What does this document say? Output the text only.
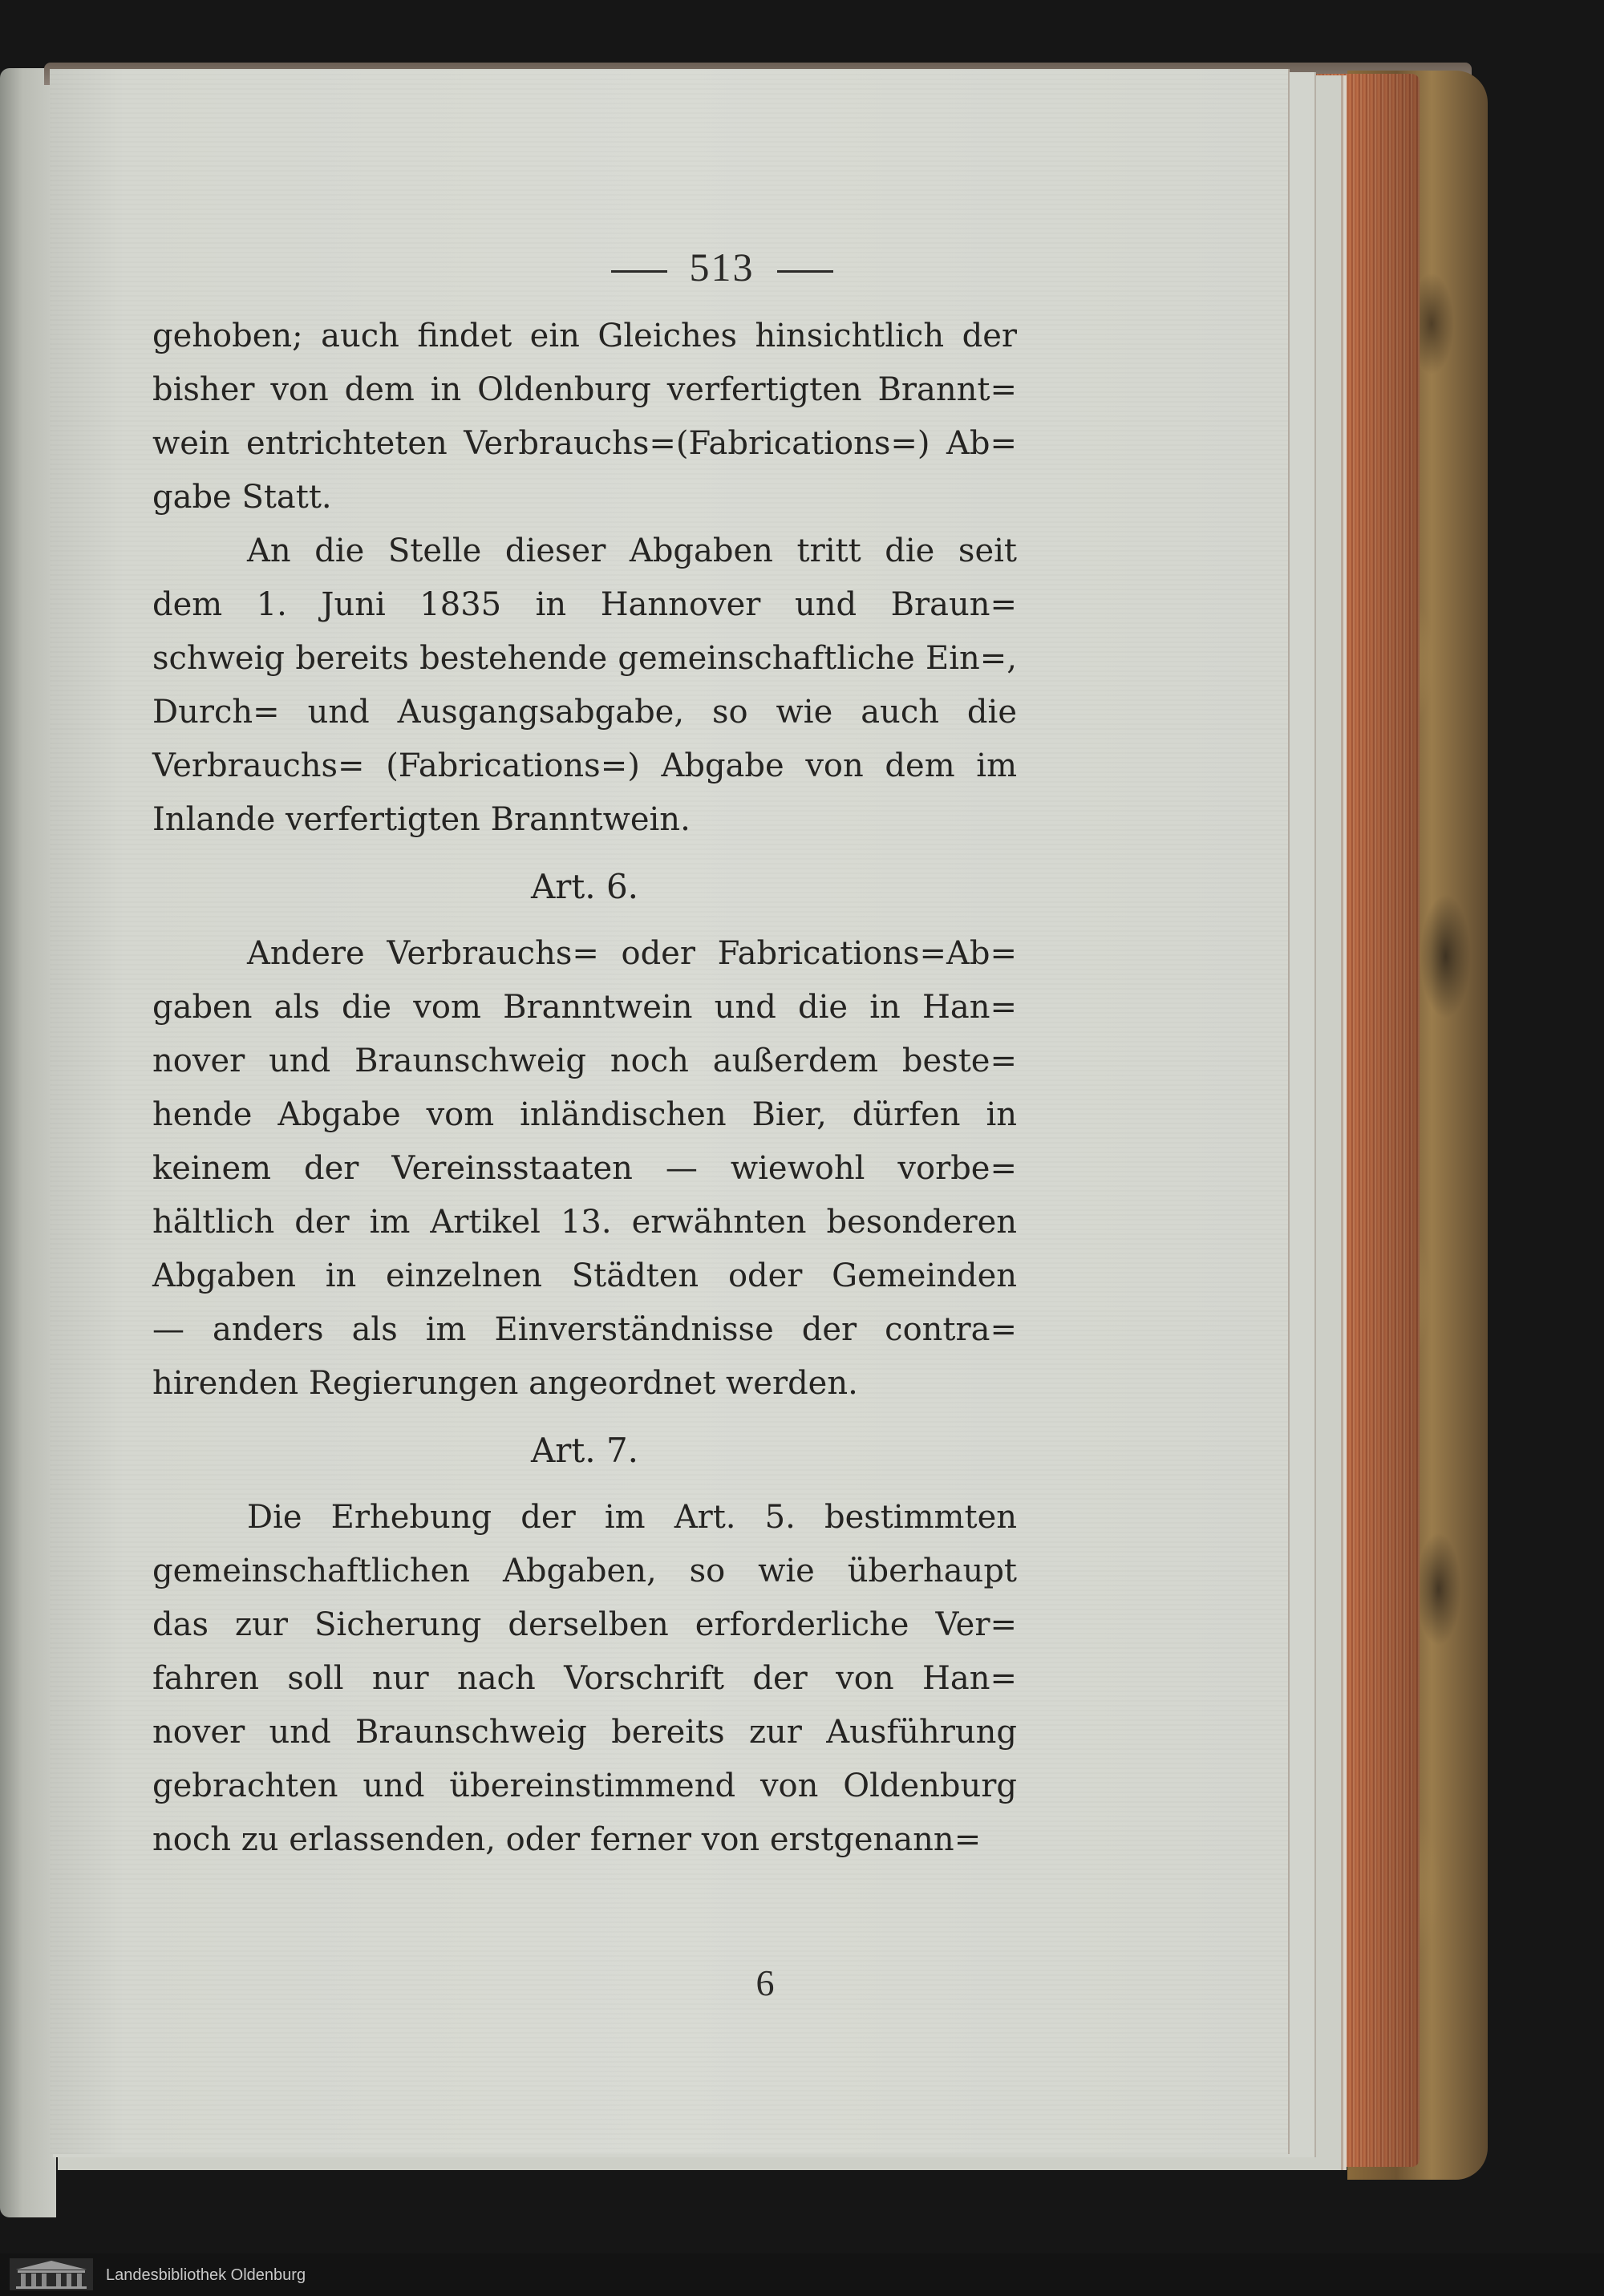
513
gehoben; auch findet ein Gleiches hinsichtlich der
bisher von dem in Oldenburg verfertigten Brannt=
wein entrichteten Verbrauchs=(Fabrications=) Ab=
gabe Statt.
An die Stelle dieser Abgaben tritt die seit
dem 1. Juni 1835 in Hannover und Braun=
schweig bereits bestehende gemeinschaftliche Ein=,
Durch= und Ausgangsabgabe, so wie auch die
Verbrauchs= (Fabrications=) Abgabe von dem im
Inlande verfertigten Branntwein.
Art. 6.
Andere Verbrauchs= oder Fabrications=Ab=
gaben als die vom Branntwein und die in Han=
nover und Braunschweig noch außerdem beste=
hende Abgabe vom inländischen Bier, dürfen in
keinem der Vereinsstaaten — wiewohl vorbe=
hältlich der im Artikel 13. erwähnten besonderen
Abgaben in einzelnen Städten oder Gemeinden
— anders als im Einverständnisse der contra=
hirenden Regierungen angeordnet werden.
Art. 7.
Die Erhebung der im Art. 5. bestimmten
gemeinschaftlichen Abgaben, so wie überhaupt
das zur Sicherung derselben erforderliche Ver=
fahren soll nur nach Vorschrift der von Han=
nover und Braunschweig bereits zur Ausführung
gebrachten und übereinstimmend von Oldenburg
noch zu erlassenden, oder ferner von erstgenann=
6
Landesbibliothek Oldenburg
